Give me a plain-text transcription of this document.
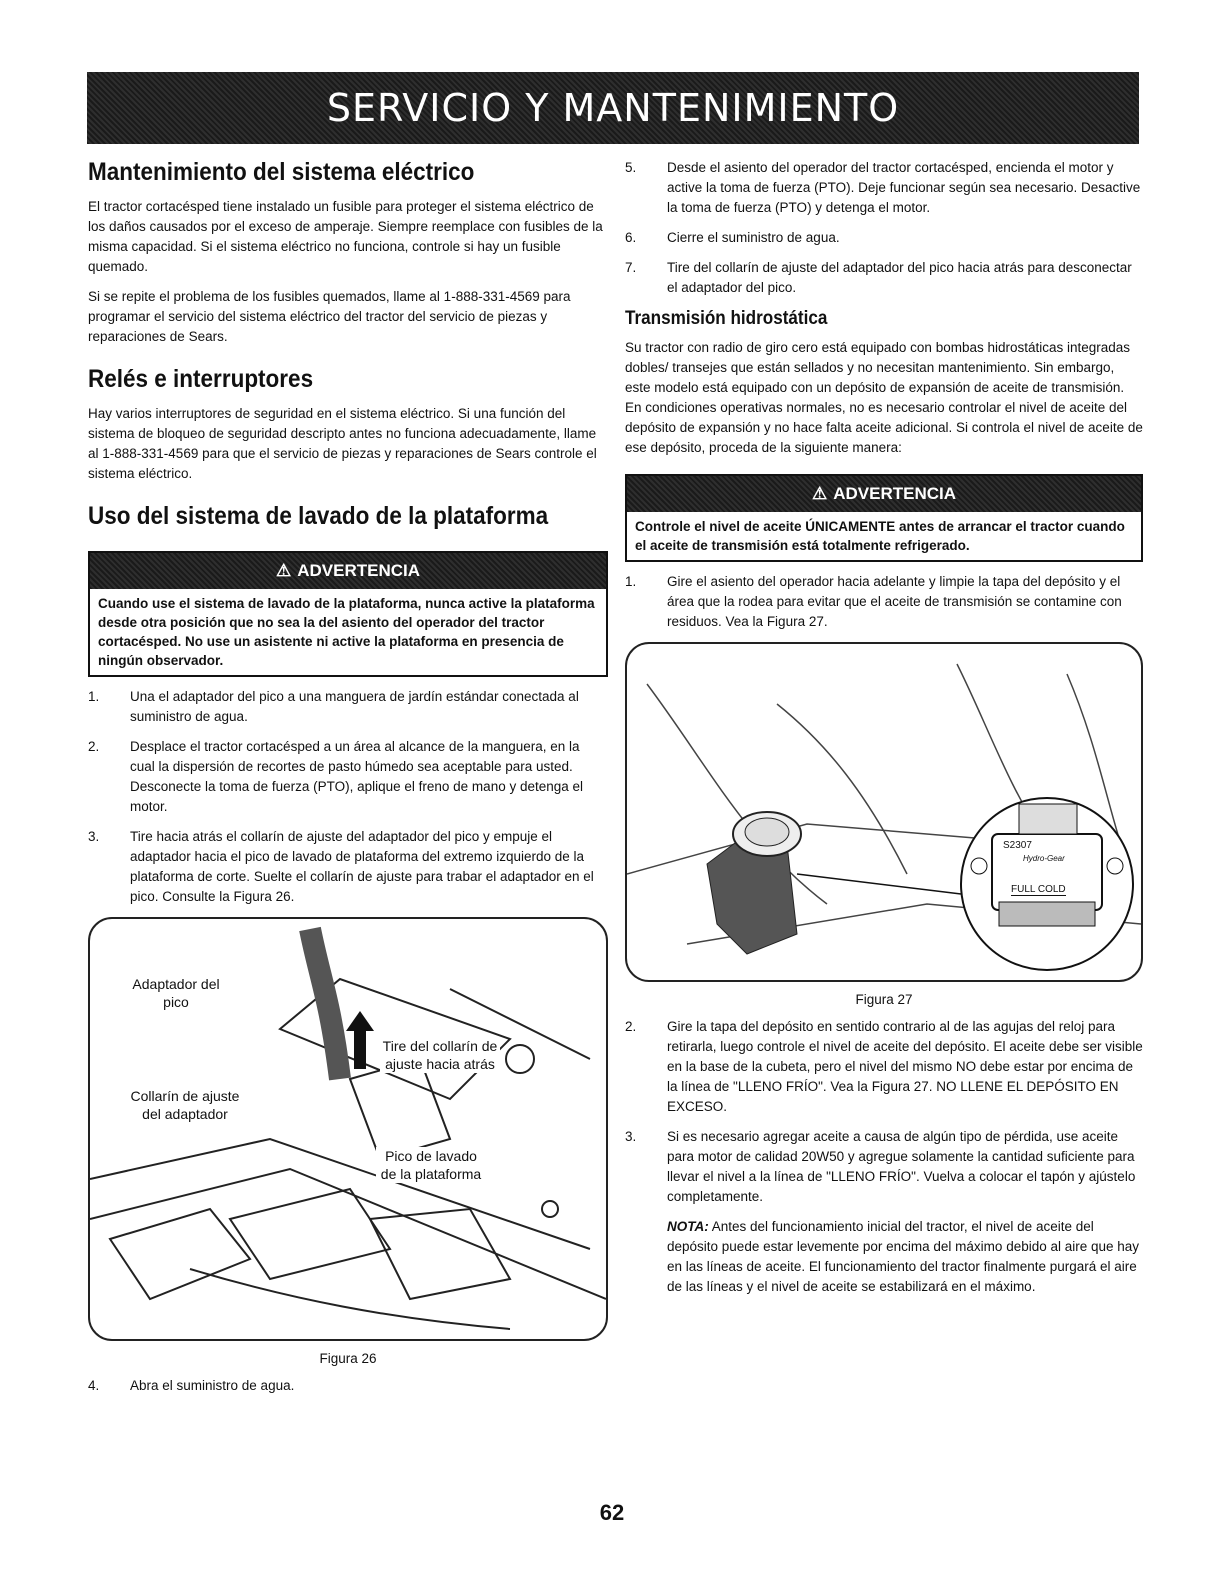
SERVICIO Y MANTENIMIENTO
Mantenimiento del sistema eléctrico

El tractor cortacésped tiene instalado un fusible para proteger el sistema eléctrico de los daños causados por el exceso de amperaje. Siempre reemplace con fusibles de la misma capacidad. Si el sistema eléctrico no funciona, controle si hay un fusible quemado.

Si se repite el problema de los fusibles quemados, llame al 1-888-331-4569 para programar el servicio del sistema eléctrico del tractor del servicio de piezas y reparaciones de Sears.

Relés e interruptores

Hay varios interruptores de seguridad en el sistema eléctrico. Si una función del sistema de bloqueo de seguridad descripto antes no funciona adecuadamente, llame al 1-888-331-4569 para que el servicio de piezas y reparaciones de Sears controle el sistema eléctrico.

Uso del sistema de lavado de la plataforma
⚠ ADVERTENCIA
Cuando use el sistema de lavado de la plataforma, nunca active la plataforma desde otra posición que no sea la del asiento del operador del tractor cortacésped. No use un asistente ni active la plataforma en presencia de ningún observador.
1.	Una el adaptador del pico a una manguera de jardín estándar conectada al suministro de agua.
2.	Desplace el tractor cortacésped a un área al alcance de la manguera, en la cual la dispersión de recortes de pasto húmedo sea aceptable para usted. Desconecte la toma de fuerza (PTO), aplique el freno de mano y detenga el motor.
3.	Tire hacia atrás el collarín de ajuste del adaptador del pico y empuje el adaptador hacia el pico de lavado de plataforma del extremo izquierdo de la plataforma de corte. Suelte el collarín de ajuste para trabar el adaptador en el pico. Consulte la Figura 26.
Adaptador del pico
Tire del collarín de ajuste hacia atrás
Collarín de ajuste del adaptador
Pico de lavado de la plataforma
Figura 26
4.	Abra el suministro de agua.
5.	Desde el asiento del operador del tractor cortacésped, encienda el motor y active la toma de fuerza (PTO). Deje funcionar según sea necesario. Desactive la toma de fuerza (PTO) y detenga el motor.
6.	Cierre el suministro de agua.
7.	Tire del collarín de ajuste del adaptador del pico hacia atrás para desconectar el adaptador del pico.
Transmisión hidrostática

Su tractor con radio de giro cero está equipado con bombas hidrostáticas integradas dobles/ transejes que están sellados y no necesitan mantenimiento. Sin embargo, este modelo está equipado con un depósito de expansión de aceite de transmisión. En condiciones operativas normales, no es necesario controlar el nivel de aceite del depósito de expansión y no hace falta aceite adicional. Si controla el nivel de aceite de ese depósito, proceda de la siguiente manera:

⚠ ADVERTENCIA
Controle el nivel de aceite ÚNICAMENTE antes de arrancar el tractor cuando el aceite de transmisión está totalmente refrigerado.
1.	Gire el asiento del operador hacia adelante y limpie la tapa del depósito y el área que la rodea para evitar que el aceite de transmisión se contamine con residuos. Vea la Figura 27.
S2307
Hydro-Gear
FULL COLD
Figura 27
2.	Gire la tapa del depósito en sentido contrario al de las agujas del reloj para retirarla, luego controle el nivel de aceite del depósito. El aceite debe ser visible en la base de la cubeta, pero el nivel del mismo NO debe estar por encima de la línea de "LLENO FRÍO". Vea la Figura 27. NO LLENE EL DEPÓSITO EN EXCESO.
3.	Si es necesario agregar aceite a causa de algún tipo de pérdida, use aceite para motor de calidad 20W50 y agregue solamente la cantidad suficiente para llevar el nivel a la línea de "LLENO FRÍO". Vuelva a colocar el tapón y ajústelo completamente.
NOTA: Antes del funcionamiento inicial del tractor, el nivel de aceite del depósito puede estar levemente por encima del máximo debido al aire que hay en las líneas de aceite. El funcionamiento del tractor finalmente purgará el aire de las líneas y el nivel de aceite se estabilizará en el máximo.
62
